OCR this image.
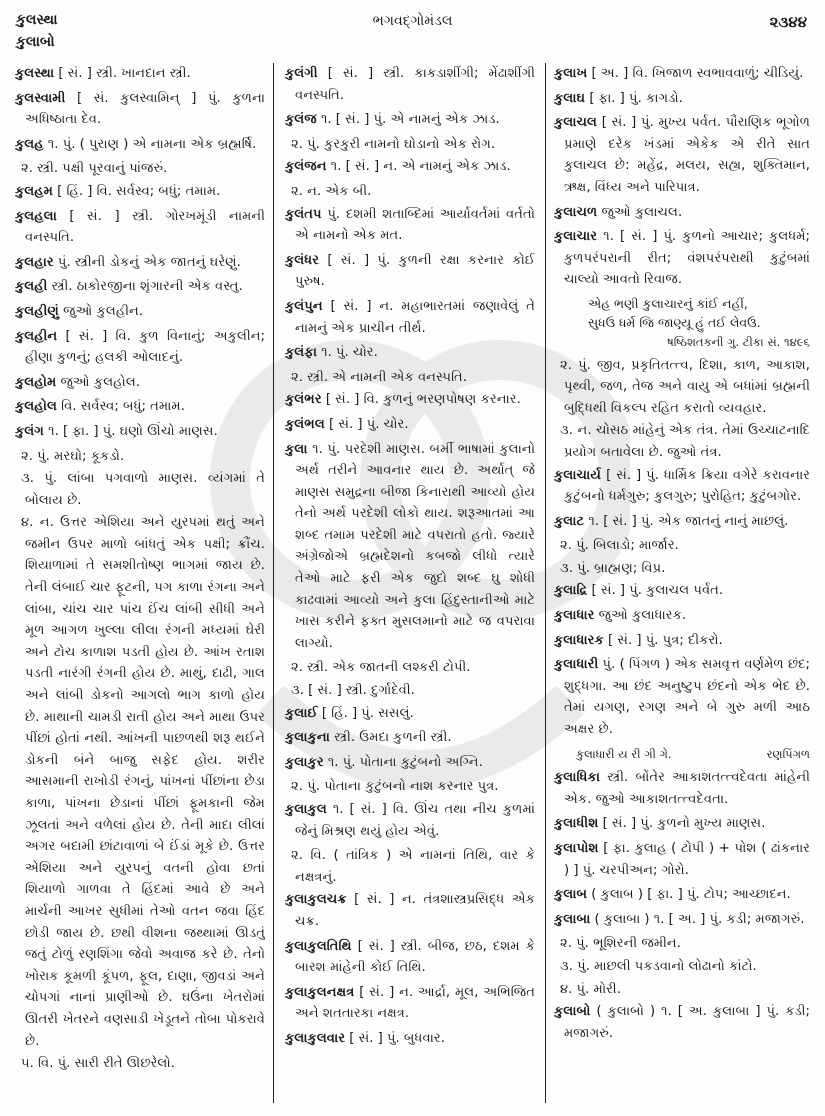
કુલસ્થા
કુલાબો
ભગવદ્ગોમંડલ	૨૩૪૪

કુલસ્થા [ સં. ] સ્ત્રી. ખાનદાન સ્ત્રી.

કુલસ્વામી [ સં. કુલસ્વામિન્ ] પું. કુળના અધિષ્ઠાતા દેવ.

કુલહ ૧. પું. ( પુરાણ ) એ નામના એક બ્રહ્મર્ષિ.

૨. સ્ત્રી. પક્ષી પૂરવાનું પાંજરું.

કુલહમ [ હિં. ] વિ. સર્વસ્વ; બધું; તમામ.

કુલહલા [ સં. ] સ્ત્રી. ગોરખમૂંડી નામની વનસ્પતિ.

કુલહાર પું. સ્ત્રીની ડોકનું એક જાતનું ઘરેણું.

કુલહી સ્ત્રી. ઠાકોરજીના શૃંગારની એક વસ્તુ.

કુલહીણું જુઓ કુલહીન.

કુલહીન [ સં. ] વિ. કુળ વિનાનું; અકુલીન; હીણા કુળનું; હલકી ઓલાદનું.

કુલહોમ જુઓ કુલહોલ.

કુલહોલ વિ. સર્વસ્વ; બધું; તમામ.

કુલંગ ૧. [ ફા. ] પું. ઘણો ઊંચો માણસ.

૨. પું. મરઘો; કૂકડો.

૩. પું. લાંબા પગવાળો માણસ. વ્યંગમાં તે બોલાય છે.

૪. ન. ઉત્તર એશિયા અને યુરપમાં થતું અને જમીન ઉપર માળો બાંધતું એક પક્ષી; ક્રૌંચ. શિયાળામાં તે સમશીતોષ્ણ ભાગમાં જાય છે. તેની લંબાઈ ચાર ફૂટની, પગ કાળા રંગના અને લાંબા, ચાંચ ચાર પાંચ ઈંચ લાંબી સીધી અને મૂળ આગળ ખુલ્લા લીલા રંગની મધ્યમાં ઘેરી અને ટોચ કાળાશ પડતી હોય છે. આંખ રતાશ પડતી નારંગી રંગની હોય છે. માથું, દાઢી, ગાલ અને લાંબી ડોકનો આગલો ભાગ કાળો હોય છે. માથાની ચામડી રાતી હોય અને માથા ઉપર પીંછાં હોતાં નથી. આંખની પાછળથી શરૂ થઈને ડોકની બંને બાજુ સફેદ હોય. શરીર આસમાની રાખોડી રંગનું, પાંખનાં પીંછાંના છેડા કાળા, પાંખના છેડાનાં પીંછાં ફૂમકાની જેમ ઝૂલતાં અને વળેલાં હોય છે. તેની માદા લીલાં અગર બદામી છાંટાવાળાં બે ઈંડાં મૂકે છે. ઉત્તર એશિયા અને યુરપનું વતની હોવા છતાં શિયાળો ગાળવા તે હિંદમાં આવે છે અને માર્ચની આખર સુધીમાં તેઓ વતન જવા હિંદ છોડી જાય છે. છથી વીશના જથ્થામાં ઊડતું જતું ટોળું રણશિંગા જેવો અવાજ કરે છે. તેનો ખોરાક કૂમળી કૂંપળ, ફૂલ, દાણા, જીવડાં અને ચોપગાં નાનાં પ્રાણીઓ છે. ઘઉંના ખેતરોમાં ઊતરી ખેતરને વણસાડી ખેડૂતને તોબા પોકરાવે છે.

૫. વિ. પું. સારી રીતે ઊછરેલો.

કુલંગી [ સં. ] સ્ત્રી. કાકડાશીંગી; મેંઢાશીંગી વનસ્પતિ.

કુલંજ ૧. [ સં. ] પું. એ નામનું એક ઝાડ.

૨. પું. કુરકુરી નામનો ઘોડાનો એક રોગ.

કુલંજન ૧. [ સં. ] ન. એ નામનું એક ઝાડ.

૨. ન. એક બી.

કુલંતપ પું. દશમી શતાબ્દિમાં આર્યાવર્તમાં વર્તતો એ નામનો એક મત.

કુલંધર [ સં. ] પું. કુળની રક્ષા કરનાર કોઈ પુરુષ.

કુલંપુન [ સં. ] ન. મહાભારતમાં જણાવેલું તે નામનું એક પ્રાચીન તીર્થ.

કુલંફા ૧. પું. ચોર.

૨. સ્ત્રી. એ નામની એક વનસ્પતિ.

કુલંભર [ સં. ] વિ. કુળનું ભરણપોષણ કરનાર.

કુલંભલ [ સં. ] પું. ચોર.

કુલા ૧. પું. પરદેશી માણસ. બર્મી ભાષામાં કુલાનો અર્થ તરીને આવનાર થાય છે. અર્થાત્ જે માણસ સમુદ્રના બીજા કિનારાથી આવ્યો હોય તેનો અર્થ પરદેશી લોકો થાય. શરૂઆતમાં આ શબ્દ તમામ પરદેશી માટે વપરાતો હતો. જ્યારે અંગ્રેજોએ બ્રહ્મદેશનો કબજો લીધો ત્યારે તેઓ માટે ફરી એક જુદો શબ્દ ઘુ શોધી કાઢવામાં આવ્યો અને કુલા હિંદુસ્તાનીઓ માટે ખાસ કરીને ફક્ત મુસલમાનો માટે જ વપરાવા લાગ્યો.

૨. સ્ત્રી. એક જાતની લશ્કરી ટોપી.

૩. [ સં. ] સ્ત્રી. દુર્ગાદેવી.

કુલાઈ [ હિં. ] પું. સસલું.

કુલાકુના સ્ત્રી. ઉમદા કુળની સ્ત્રી.

કુલાકુર ૧. પું. પોતાના કુટુંબનો અગ્નિ.

૨. પું. પોતાના કુટુંબનો નાશ કરનાર પુત્ર.

કુલાકુલ ૧. [ સં. ] વિ. ઊંચ તથા નીચ કુળમાં જેનું મિશ્રણ થયું હોય એવું.

૨. વિ. ( તાંત્રિક ) એ નામનાં તિથિ, વાર કે નક્ષત્રનું.

કુલાકુલચક્ર [ સં. ] ન. તંત્રશાસ્ત્રપ્રસિદ્ધ એક ચક્ર.

કુલાકુલતિથિ [ સં. ] સ્ત્રી. બીજ, છઠ, દશમ કે બારશ માંહેની કોઈ તિથિ.

કુલાકુલનક્ષત્ર [ સં. ] ન. આર્દ્રા, મૂલ, અભિજિત અને શતતારકા નક્ષત્ર.

કુલાકુલવાર [ સં. ] પું. બુધવાર.

કુલાખ [ અ. ] વિ. ખિજાળ સ્વભાવવાળું; ચીડિયું.

કુલાઘ [ ફા. ] પું. કાગડો.

કુલાચલ [ સં. ] પું. મુખ્ય પર્વત. પૌરાણિક ભૂગોળ પ્રમાણે દરેક ખંડમાં એકેક એ રીતે સાત કુલાચલ છે: મહેંદ્ર, મલય, સહ્ય, શુક્તિમાન, ઋક્ષ, વિંધ્ય અને પારિપાત્ર.

કુલાચળ જુઓ કુલાચલ.

કુલાચાર ૧. [ સં. ] પું. કુળનો આચાર; કુલધર્મ; કુળપરંપરાની રીત; વંશપરંપરાથી કુટુંબમાં ચાલ્યો આવતો રિવાજ.

એહ ભણી કુલાચારનું કાંઈ નહીં,

સુધઉ ધર્મ જિ જાણ્યૂ હું તઈ લેવઉ.

ષષ્ઠિશતકની ગુ. ટીકા સં. ૧૪૯૬

૨. પું. જીવ, પ્રકૃતિતત્ત્વ, દિશા, કાળ, આકાશ, પૃથ્વી, જળ, તેજ અને વાયુ એ બધાંમાં બ્રહ્મની બુદ્ધિથી વિકલ્પ રહિત કરાતો વ્યવહાર.

૩. ન. ચોસઠ માંહેનું એક તંત્ર. તેમાં ઉચ્ચાટનાદિ પ્રયોગ બતાવેલા છે. જુઓ તંત્ર.

કુલાચાર્ય [ સં. ] પું. ધાર્મિક ક્રિયા વગેરે કરાવનાર કુટુંબનો ધર્મગુરુ; કુલગુરુ; પુરોહિત; કુટુંબગોર.

કુલાટ ૧. [ સં. ] પું. એક જાતનું નાનું માછલું.

૨. પું. બિલાડો; માર્જાર.

૩. પું. બ્રાહ્મણ; વિપ્ર.

કુલાદ્રિ [ સં. ] પું. કુલાચલ પર્વત.

કુલાધાર જુઓ કુલાધારક.

કુલાધારક [ સં. ] પું. પુત્ર; દીકરો.

કુલાધારી પું. ( પિંગળ ) એક સમવૃત્ત વર્ણમેળ છંદ; શુદ્ધગા. આ છંદ અનુષ્ટુપ છંદનો એક ભેદ છે. તેમાં યગણ, રગણ અને બે ગુરુ મળી આઠ અક્ષર છે.

કુલાધારી ય રી ગી ગે.	રણપિંગળ

કુલાધિકા સ્ત્રી. બોંતેર આકાશતત્ત્વદેવતા માંહેની એક. જુઓ આકાશતત્ત્વદેવતા.

કુલાધીશ [ સં. ] પું. કુળનો મુખ્ય માણસ.

કુલાપોશ [ ફા. કુલાહ ( ટોપી ) + પોશ ( ઢાંકનાર ) ] પું. ચરપીઅન; ગોરો.

કુલાબ ( કુલાબ ) [ ફા. ] પું. ટોપ; આચ્છાદન.

કુલાબા ( કુલાબા ) ૧. [ અ. ] પું. કડી; મજાગરું.

૨. પું. ભૂશિરની જમીન.

૩. પું. માછલી પકડવાનો લોઢાનો કાંટો.

૪. પું. મોરી.

કુલાબો ( કુલાબો ) ૧. [ અ. કુલાબા ] પું. કડી; મજાગરું.
